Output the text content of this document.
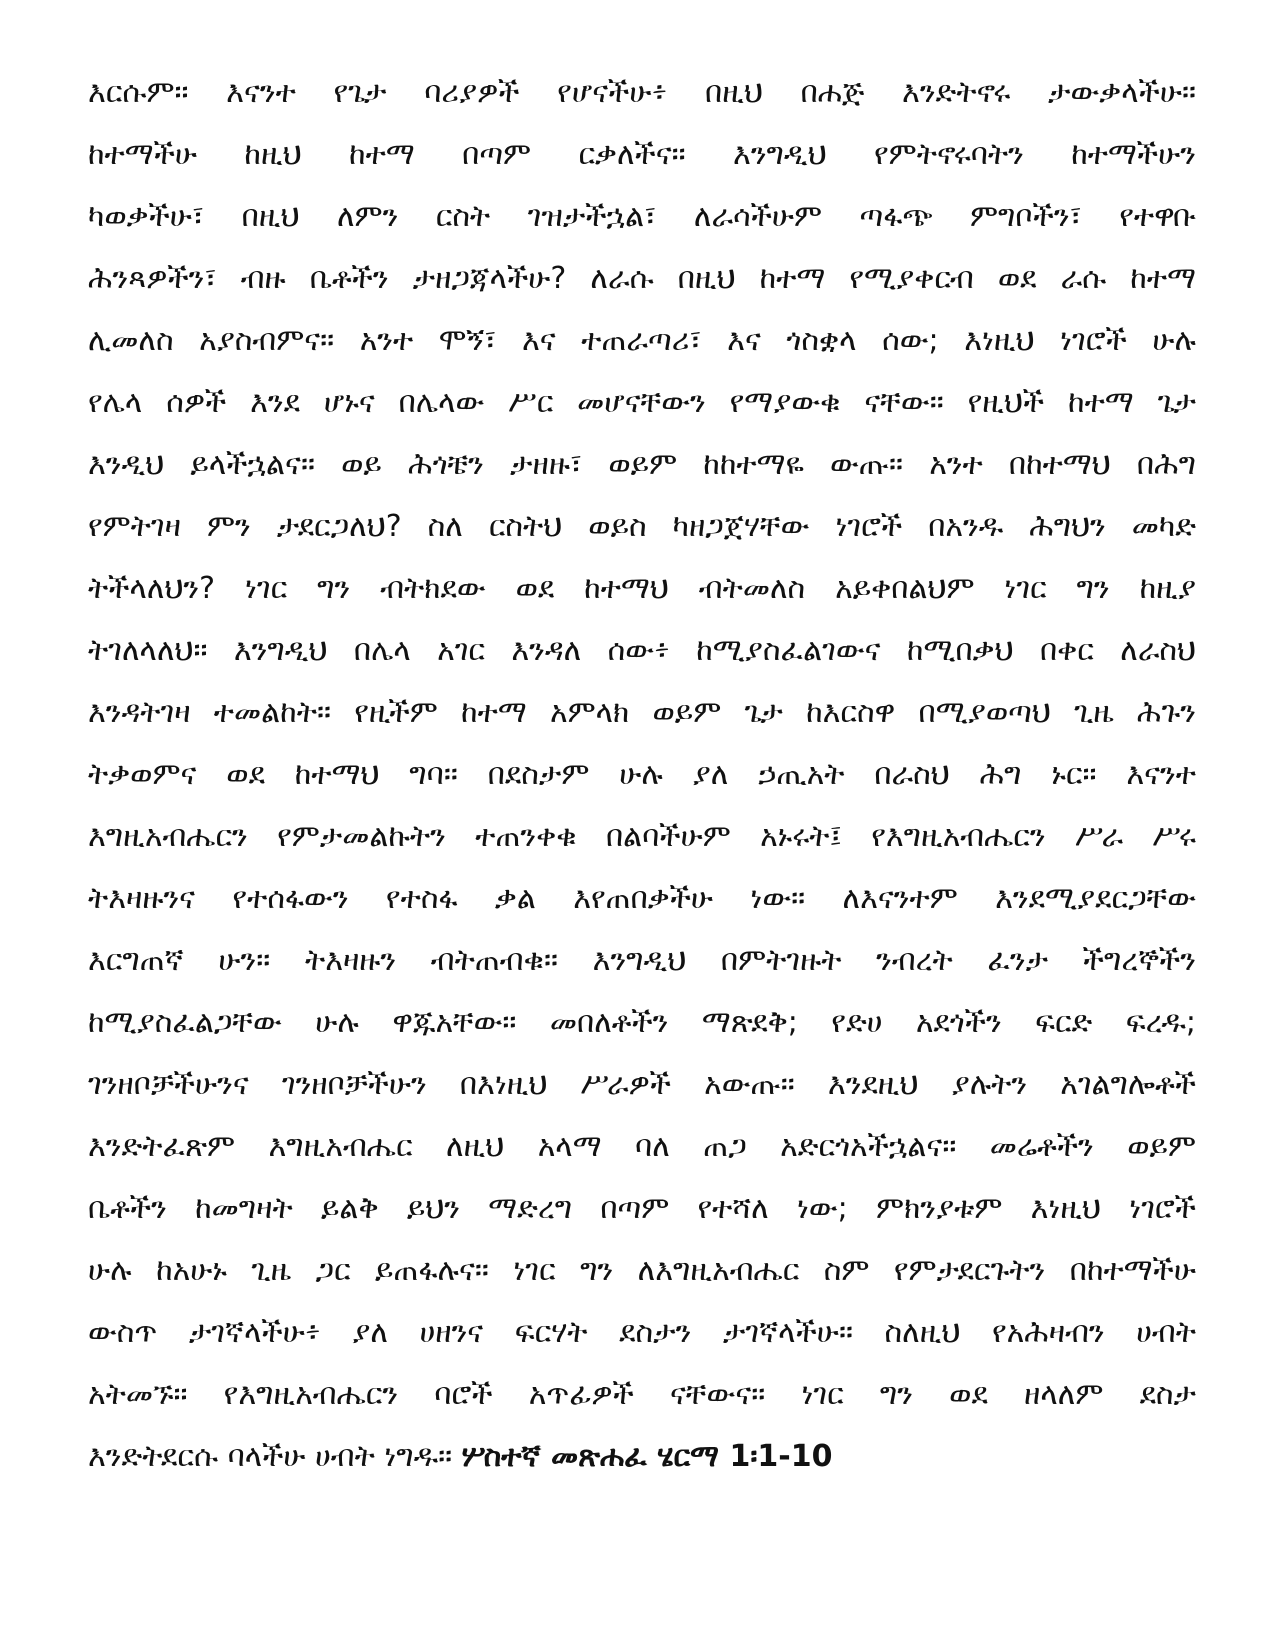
እርሱም። እናንተ የጌታ ባሪያዎች የሆናችሁ፥ በዚህ በሐጅ እንድትኖሩ ታውቃላችሁ።
ከተማችሁ ከዚህ ከተማ በጣም ርቃለችና። እንግዲህ የምትኖሩባትን ከተማችሁን
ካወቃችሁ፣ በዚህ ለምን ርስት ገዝታችኋል፣ ለራሳችሁም ጣፋጭ ምግቦችን፣ የተዋቡ
ሕንጻዎችን፣ ብዙ ቤቶችን ታዘጋጃላችሁ? ለራሱ በዚህ ከተማ የሚያቀርብ ወደ ራሱ ከተማ
ሊመለስ አያስብምና። አንተ ሞኝ፣ እና ተጠራጣሪ፣ እና ጎስቋላ ሰው; እነዚህ ነገሮች ሁሉ
የሌላ ሰዎች እንደ ሆኑና በሌላው ሥር መሆናቸውን የማያውቁ ናቸው። የዚህች ከተማ ጌታ
እንዲህ ይላችኋልና። ወይ ሕጎቼን ታዘዙ፣ ወይም ከከተማዬ ውጡ። አንተ በከተማህ በሕግ
የምትገዛ ምን ታደርጋለህ? ስለ ርስትህ ወይስ ካዘጋጀሃቸው ነገሮች በአንዱ ሕግህን መካድ
ትችላለህን? ነገር ግን ብትክደው ወደ ከተማህ ብትመለስ አይቀበልህም ነገር ግን ከዚያ
ትገለላለህ። እንግዲህ በሌላ አገር እንዳለ ሰው፥ ከሚያስፈልገውና ከሚበቃህ በቀር ለራስህ
እንዳትገዛ ተመልከት። የዚችም ከተማ አምላክ ወይም ጌታ ከእርስዋ በሚያወጣህ ጊዜ ሕጉን
ትቃወምና ወደ ከተማህ ግባ። በደስታም ሁሉ ያለ ኃጢአት በራስህ ሕግ ኑር። እናንተ
እግዚአብሔርን የምታመልኩትን ተጠንቀቁ በልባችሁም አኑሩት፤ የእግዚአብሔርን ሥራ ሥሩ
ትእዛዙንና የተሰፋውን የተስፋ ቃል እየጠበቃችሁ ነው። ለእናንተም እንደሚያደርጋቸው
እርግጠኛ ሁን። ትእዛዙን ብትጠብቁ። እንግዲህ በምትገዙት ንብረት ፈንታ ችግረኞችን
ከሚያስፈልጋቸው ሁሉ ዋጁአቸው። መበለቶችን ማጽደቅ; የድሀ አደጎችን ፍርድ ፍረዱ;
ገንዘቦቻችሁንና ገንዘቦቻችሁን በእነዚህ ሥራዎች አውጡ። እንደዚህ ያሉትን አገልግሎቶች
እንድትፈጽም እግዚአብሔር ለዚህ አላማ ባለ ጠጋ አድርጎአችኋልና። መሬቶችን ወይም
ቤቶችን ከመግዛት ይልቅ ይህን ማድረግ በጣም የተሻለ ነው; ምክንያቱም እነዚህ ነገሮች
ሁሉ ከአሁኑ ጊዜ ጋር ይጠፋሉና። ነገር ግን ለእግዚአብሔር ስም የምታደርጉትን በከተማችሁ
ውስጥ ታገኛላችሁ፥ ያለ ሀዘንና ፍርሃት ደስታን ታገኛላችሁ። ስለዚህ የአሕዛብን ሀብት
አትመኙ። የእግዚአብሔርን ባሮች አጥፊዎች ናቸውና። ነገር ግን ወደ ዘላለም ደስታ
እንድትደርሱ ባላችሁ ሀብት ነግዱ። ሦስተኛ መጽሐፈ ሄርማ 1፡1-10
